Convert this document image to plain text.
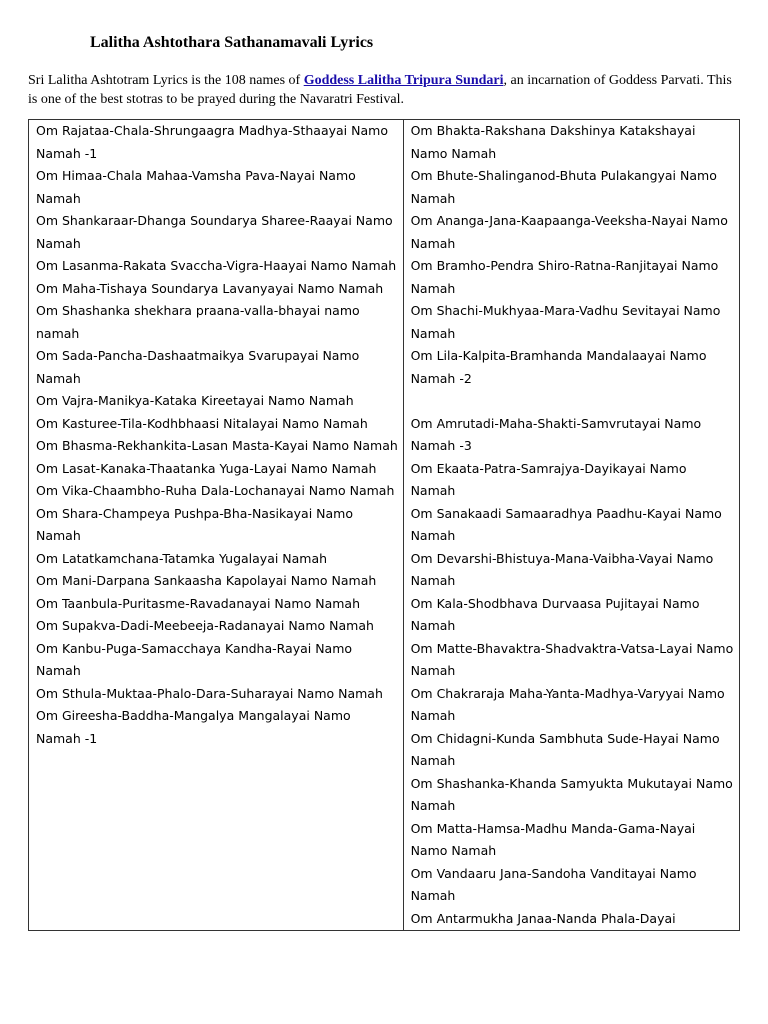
Lalitha Ashtothara Sathanamavali Lyrics
Sri Lalitha Ashtotram Lyrics is the 108 names of Goddess Lalitha Tripura Sundari, an incarnation of Goddess Parvati. This is one of the best stotras to be prayed during the Navaratri Festival.
Om Rajataa-Chala-Shrungaagra Madhya-Sthaayai Namo Namah -1
Om Himaa-Chala Mahaa-Vamsha Pava-Nayai Namo Namah
Om Shankaraar-Dhanga Soundarya Sharee-Raayai Namo Namah
Om Lasanma-Rakata Svaccha-Vigra-Haayai Namo Namah
Om Maha-Tishaya Soundarya Lavanyayai Namo Namah
Om Shashanka shekhara praana-valla-bhayai namo namah
Om Sada-Pancha-Dashaatmaikya Svarupayai Namo Namah
Om Vajra-Manikya-Kataka Kireetayai Namo Namah
Om Kasturee-Tila-Kodhbhaasi Nitalayai Namo Namah
Om Bhasma-Rekhankita-Lasan Masta-Kayai Namo Namah
Om Lasat-Kanaka-Thaatanka Yuga-Layai Namo Namah
Om Vika-Chaambho-Ruha Dala-Lochanayai Namo Namah
Om Shara-Champeya Pushpa-Bha-Nasikayai Namo Namah
Om Latatkamchana-Tatamka Yugalayai Namah
Om Mani-Darpana Sankaasha Kapolayai Namo Namah
Om Taanbula-Puritasme-Ravadanayai Namo Namah
Om Supakva-Dadi-Meebeeja-Radanayai Namo Namah
Om Kanbu-Puga-Samacchaya Kandha-Rayai Namo Namah
Om Sthula-Muktaa-Phalo-Dara-Suharayai Namo Namah
Om Gireesha-Baddha-Mangalya Mangalayai Namo Namah -1

Om Bhakta-Rakshana Dakshinya Katakshayai Namo Namah
Om Bhute-Shalinganod-Bhuta Pulakangyai Namo Namah
Om Ananga-Jana-Kaapaanga-Veeksha-Nayai Namo Namah
Om Bramho-Pendra Shiro-Ratna-Ranjitayai Namo Namah
Om Shachi-Mukhyaa-Mara-Vadhu Sevitayai Namo Namah
Om Lila-Kalpita-Bramhanda Mandalaayai Namo Namah -2

Om Amrutadi-Maha-Shakti-Samvrutayai Namo Namah -3
Om Ekaata-Patra-Samrajya-Dayikayai Namo Namah
Om Sanakaadi Samaaradhya Paadhu-Kayai Namo Namah
Om Devarshi-Bhistuya-Mana-Vaibha-Vayai Namo Namah
Om Kala-Shodbhava Durvaasa Pujitayai Namo Namah
Om Matte-Bhavaktra-Shadvaktra-Vatsa-Layai Namo Namah
Om Chakraraja Maha-Yanta-Madhya-Varyyai Namo Namah
Om Chidagni-Kunda Sambhuta Sude-Hayai Namo Namah
Om Shashanka-Khanda Samyukta Mukutayai Namo Namah
Om Matta-Hamsa-Madhu Manda-Gama-Nayai Namo Namah
Om Vandaaru Jana-Sandoha Vanditayai Namo Namah
Om Antarmukha Janaa-Nanda Phala-Dayai
